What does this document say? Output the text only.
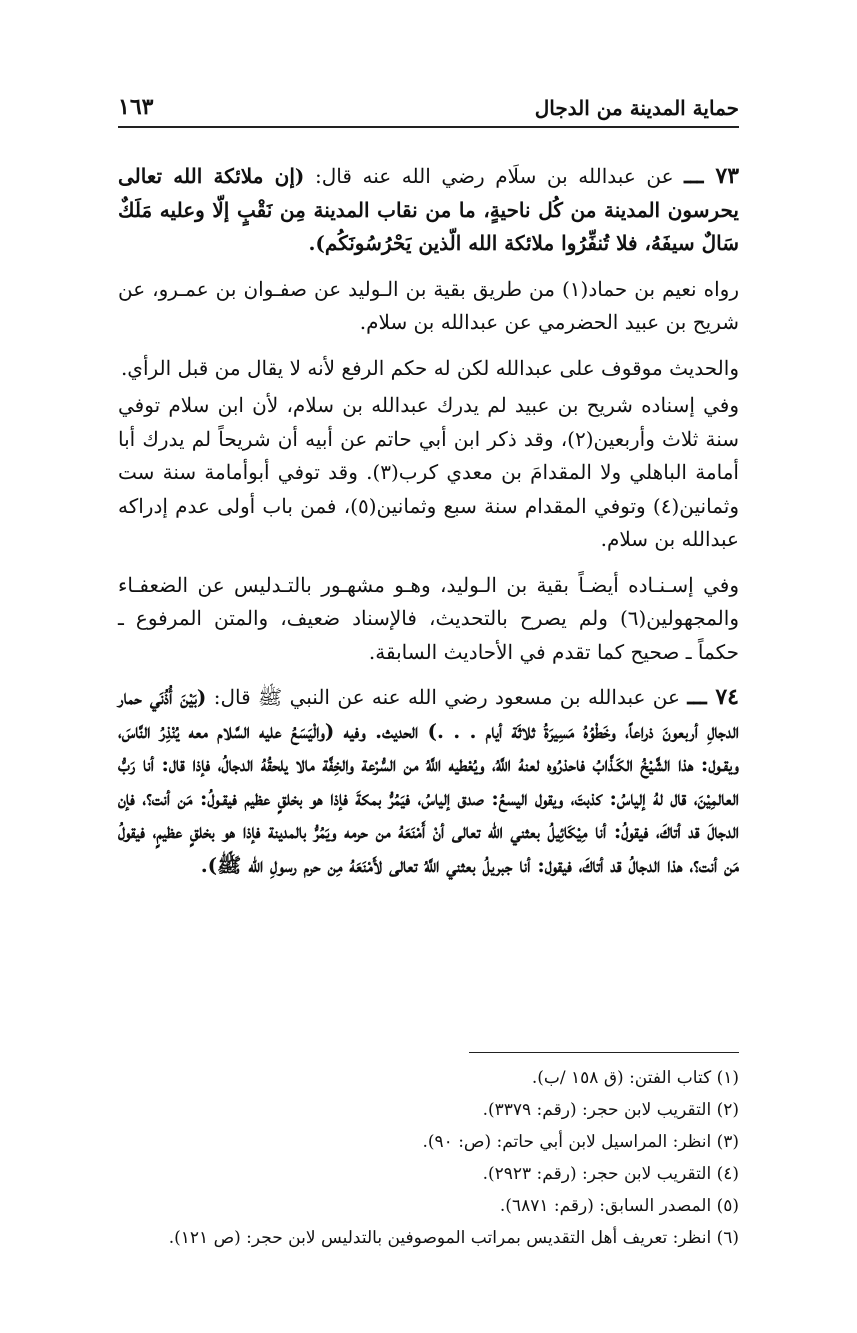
حماية المدينة من الدجال
١٦٣

٧٣ ـــ عن عبدالله بن سلَام رضي الله عنه قال: (إن ملائكة الله تعالى يحرسون المدينة من كُل ناحيةٍ، ما من نقاب المدينة مِن نَقْبٍ إلّا وعليه مَلَكٌ سَالٌ سيفَهُ، فلا تُنفِّرُوا ملائكة الله الّذين يَحْرُسُونَكُم).

رواه نعيم بن حماد(١) من طريق بقية بن الـوليد عن صفـوان بن عمـرو، عن شريح بن عبيد الحضرمي عن عبدالله بن سلام.

والحديث موقوف على عبدالله لكن له حكم الرفع لأنه لا يقال من قبل الرأي.

وفي إسناده شريح بن عبيد لم يدرك عبدالله بن سلام، لأن ابن سلام توفي سنة ثلاث وأربعين(٢)، وقد ذكر ابن أبي حاتم عن أبيه أن شريحاً لم يدرك أبا أمامة الباهلي ولا المقدامَ بن معدي كرب(٣). وقد توفي أبوأمامة سنة ست وثمانين(٤) وتوفي المقدام سنة سبع وثمانين(٥)، فمن باب أولى عدم إدراكه عبدالله بن سلام.

وفي إسـنـاده أيضـاً بقية بن الـوليد، وهـو مشهـور بالتـدليس عن الضعفـاء والمجهولين(٦) ولم يصرح بالتحديث، فالإسناد ضعيف، والمتن المرفوع ـ حكماً ـ صحيح كما تقدم في الأحاديث السابقة.

٧٤ ـــ عن عبدالله بن مسعود رضي الله عنه عن النبي ﷺ قال: (بَيْنَ أُذُنَي حمار الدجالِ أربعونَ ذراعاً، وخَطْوُهُ مَسِيرَةُ ثلاثَة أيام . . .) الحديث. وفيه (والْيَسَعُ عليه السَّلام معه يُنْذِرُ النَّاسَ، ويقـول: هذا الشَّيْخُ الكَـذَّابُ فاحذرُوه لعنهُ اللَّهُ، ويُعْطيه اللَّهُ من السُّرْعة والخِفَّة مالا يلحقُهُ الدجالُ، فإذا قال: أنا رَبُّ العالمِيْنَ، قال لهُ إلياسُ: كذبتَ، ويقول اليسعُ: صدق إلياسُ، فيَمُرُّ بمكةَ فإذا هو بخلقٍ عظيم فيقـولُ: مَن أنت؟، فإن الدجالَ قد أتاكَ، فيقولُ: أنا مِيْكَائِيلُ بعثني الله تعالى أنْ أَمْنَعَهُ من حرمه ويَمُرُّ بالمدينة فإذا هو بخلقٍ عظيمٍ، فيقولُ مَن أنت؟، هذا الدجالُ قد أتاكَ، فيقول: أنا جبريلُ بعثني اللَّهُ تعالى لأَمْنَعَهُ مِن حرم رسولِ الله ﷺ).

(١) كتاب الفتن: (ق ١٥٨ /ب).

(٢) التقريب لابن حجر: (رقم: ٣٣٧٩).

(٣) انظر: المراسيل لابن أبي حاتم: (ص: ٩٠).

(٤) التقريب لابن حجر: (رقم: ٢٩٢٣).

(٥) المصدر السابق: (رقم: ٦٨٧١).

(٦) انظر: تعريف أهل التقديس بمراتب الموصوفين بالتدليس لابن حجر: (ص ١٢١).
